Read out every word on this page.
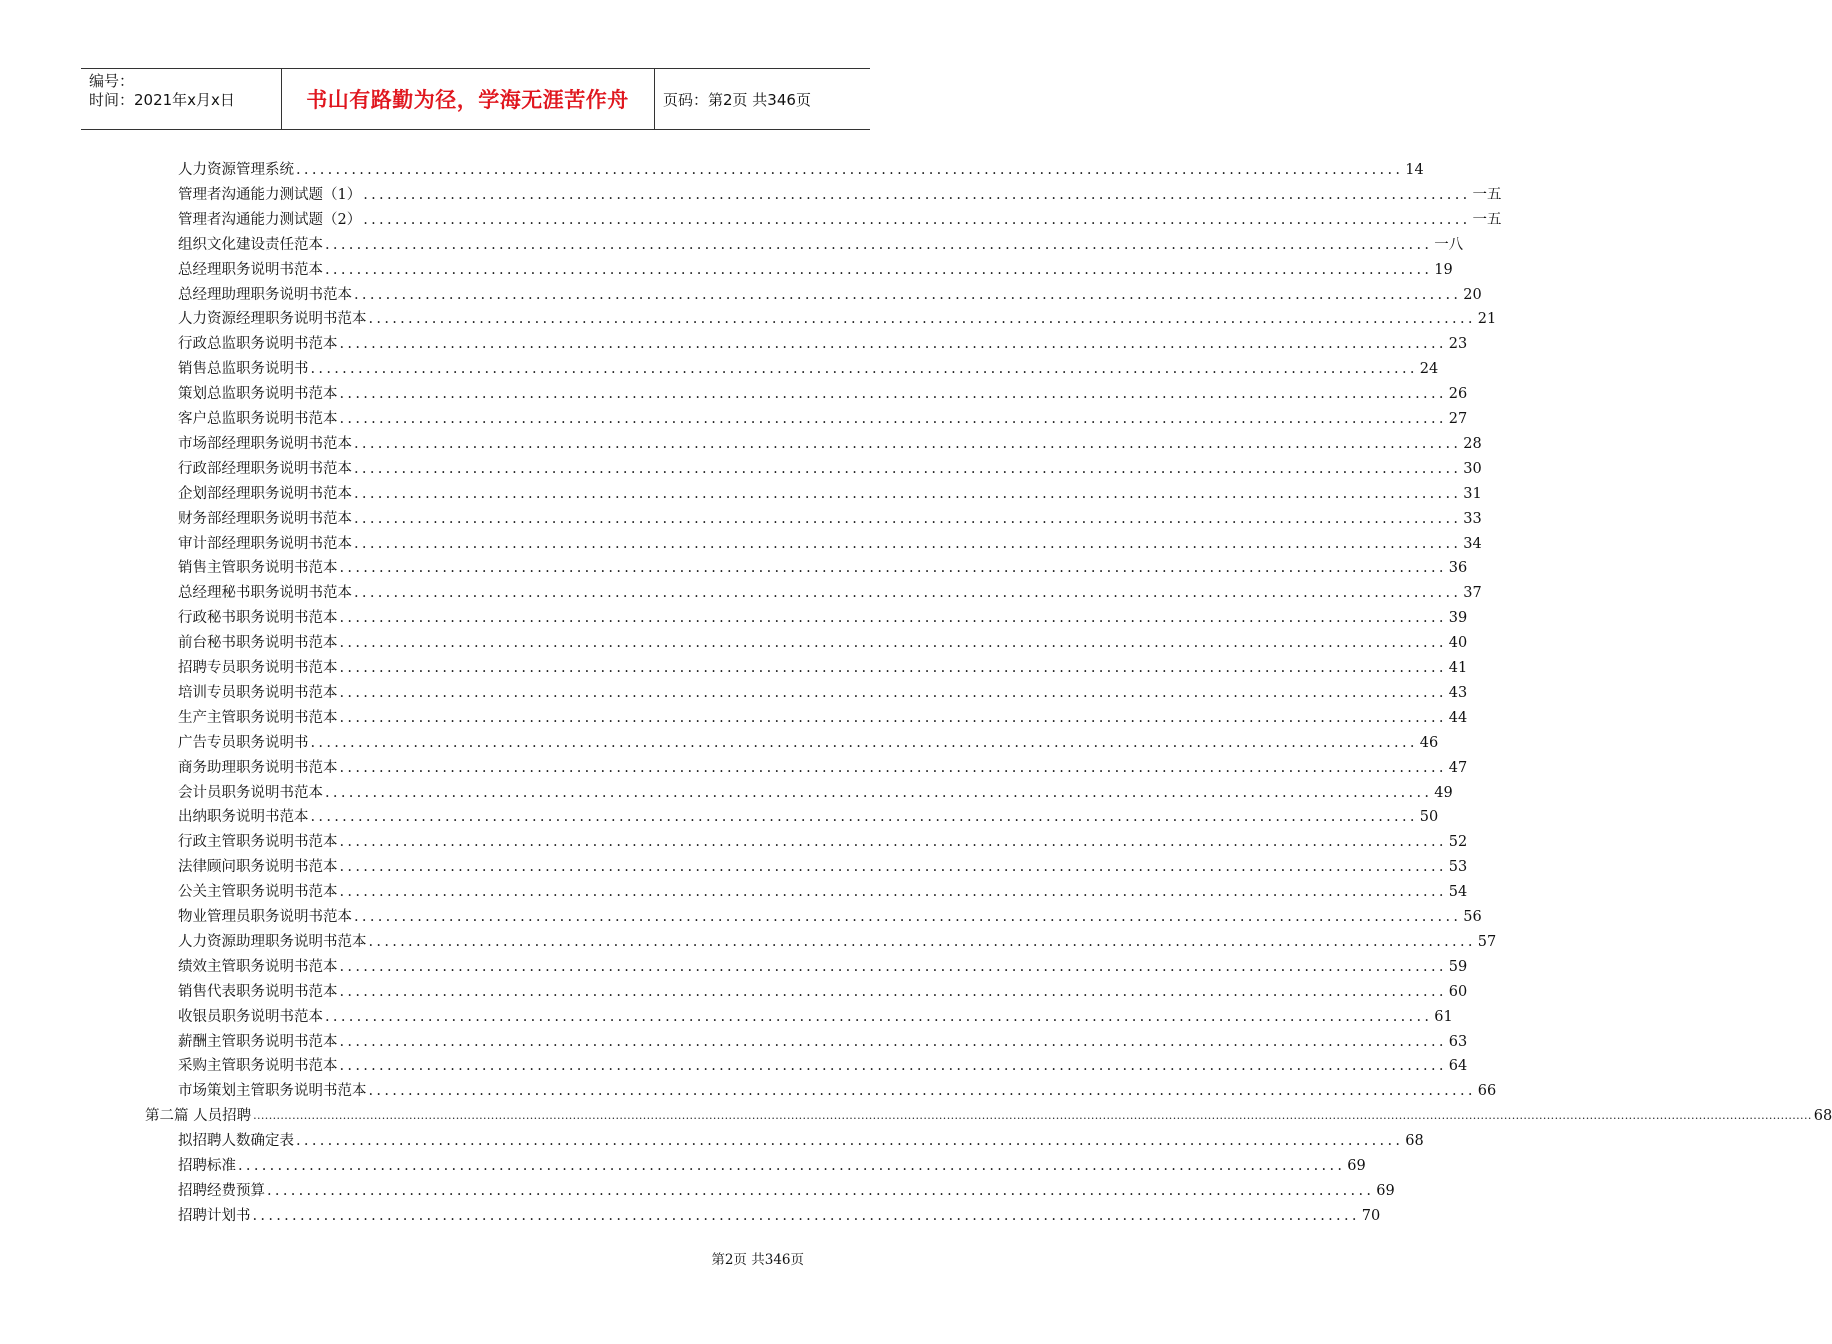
编号：
时间：2021年x月x日	书山有路勤为径，学海无涯苦作舟	页码：第2页 共346页
人力资源管理系统 ............................................................................................................................................ 14
管理者沟通能力测试题（1） ............................................................................................................................................ 一五
管理者沟通能力测试题（2） ............................................................................................................................................ 一五
组织文化建设责任范本 ............................................................................................................................................ 一八
总经理职务说明书范本 ............................................................................................................................................ 19
总经理助理职务说明书范本 ............................................................................................................................................ 20
人力资源经理职务说明书范本 ............................................................................................................................................ 21
行政总监职务说明书范本 ............................................................................................................................................ 23
销售总监职务说明书 ............................................................................................................................................ 24
策划总监职务说明书范本 ............................................................................................................................................ 26
客户总监职务说明书范本 ............................................................................................................................................ 27
市场部经理职务说明书范本 ............................................................................................................................................ 28
行政部经理职务说明书范本 ............................................................................................................................................ 30
企划部经理职务说明书范本 ............................................................................................................................................ 31
财务部经理职务说明书范本 ............................................................................................................................................ 33
审计部经理职务说明书范本 ............................................................................................................................................ 34
销售主管职务说明书范本 ............................................................................................................................................ 36
总经理秘书职务说明书范本 ............................................................................................................................................ 37
行政秘书职务说明书范本 ............................................................................................................................................ 39
前台秘书职务说明书范本 ............................................................................................................................................ 40
招聘专员职务说明书范本 ............................................................................................................................................ 41
培训专员职务说明书范本 ............................................................................................................................................ 43
生产主管职务说明书范本 ............................................................................................................................................ 44
广告专员职务说明书 ............................................................................................................................................ 46
商务助理职务说明书范本 ............................................................................................................................................ 47
会计员职务说明书范本 ............................................................................................................................................ 49
出纳职务说明书范本 ............................................................................................................................................ 50
行政主管职务说明书范本 ............................................................................................................................................ 52
法律顾问职务说明书范本 ............................................................................................................................................ 53
公关主管职务说明书范本 ............................................................................................................................................ 54
物业管理员职务说明书范本 ............................................................................................................................................ 56
人力资源助理职务说明书范本 ............................................................................................................................................ 57
绩效主管职务说明书范本 ............................................................................................................................................ 59
销售代表职务说明书范本 ............................................................................................................................................ 60
收银员职务说明书范本 ............................................................................................................................................ 61
薪酬主管职务说明书范本 ............................................................................................................................................ 63
采购主管职务说明书范本 ............................................................................................................................................ 64
市场策划主管职务说明书范本 ............................................................................................................................................ 66
第二篇 人员招聘 ................................................................................................................................................................................................................................................................................................................................................................................................................ 68
拟招聘人数确定表 ............................................................................................................................................ 68
招聘标准 ............................................................................................................................................ 69
招聘经费预算 ............................................................................................................................................ 69
招聘计划书 ............................................................................................................................................ 70
第2页 共346页
